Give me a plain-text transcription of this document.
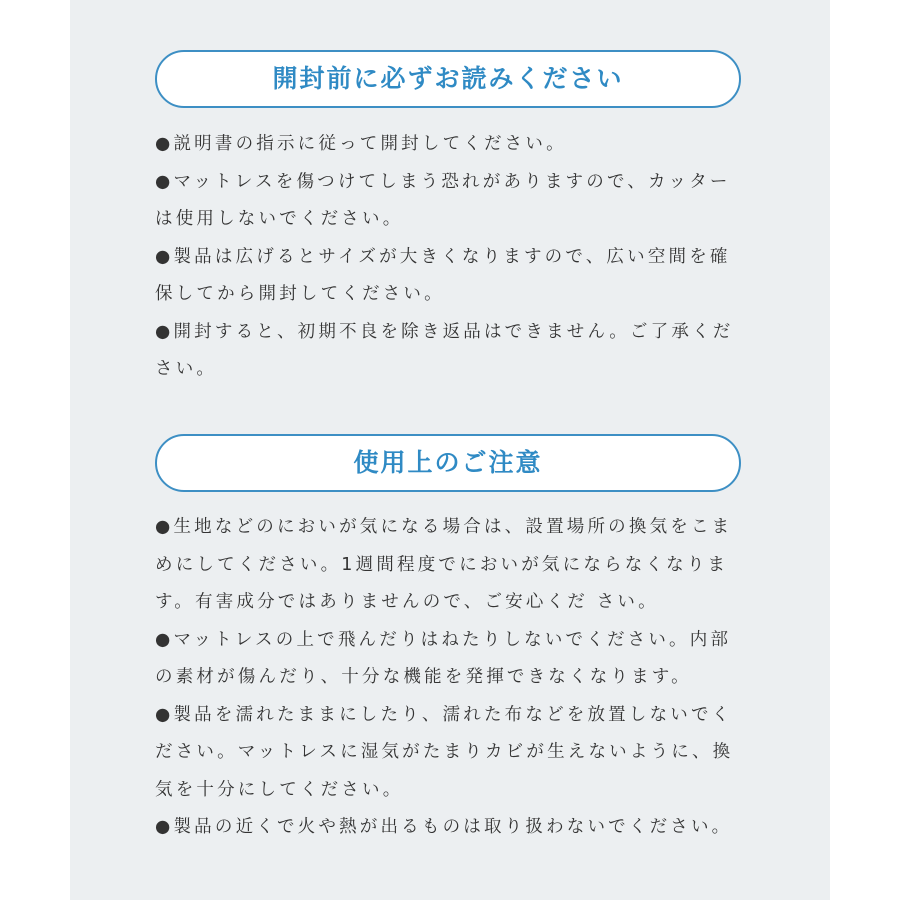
開封前に必ずお読みください
●説明書の指示に従って開封してください。
●マットレスを傷つけてしまう恐れがありますので、カッターは使用しないでください。
●製品は広げるとサイズが大きくなりますので、広い空間を確保してから開封してください。
●開封すると、初期不良を除き返品はできません。ご了承ください。
使用上のご注意
●生地などのにおいが気になる場合は、設置場所の換気をこまめにしてください。1週間程度でにおいが気にならなくなります。有害成分ではありませんので、ご安心くだ さい。
●マットレスの上で飛んだりはねたりしないでください。内部の素材が傷んだり、十分な機能を発揮できなくなります。
●製品を濡れたままにしたり、濡れた布などを放置しないでください。マットレスに湿気がたまりカビが生えないように、換気を十分にしてください。
●製品の近くで火や熱が出るものは取り扱わないでください。
